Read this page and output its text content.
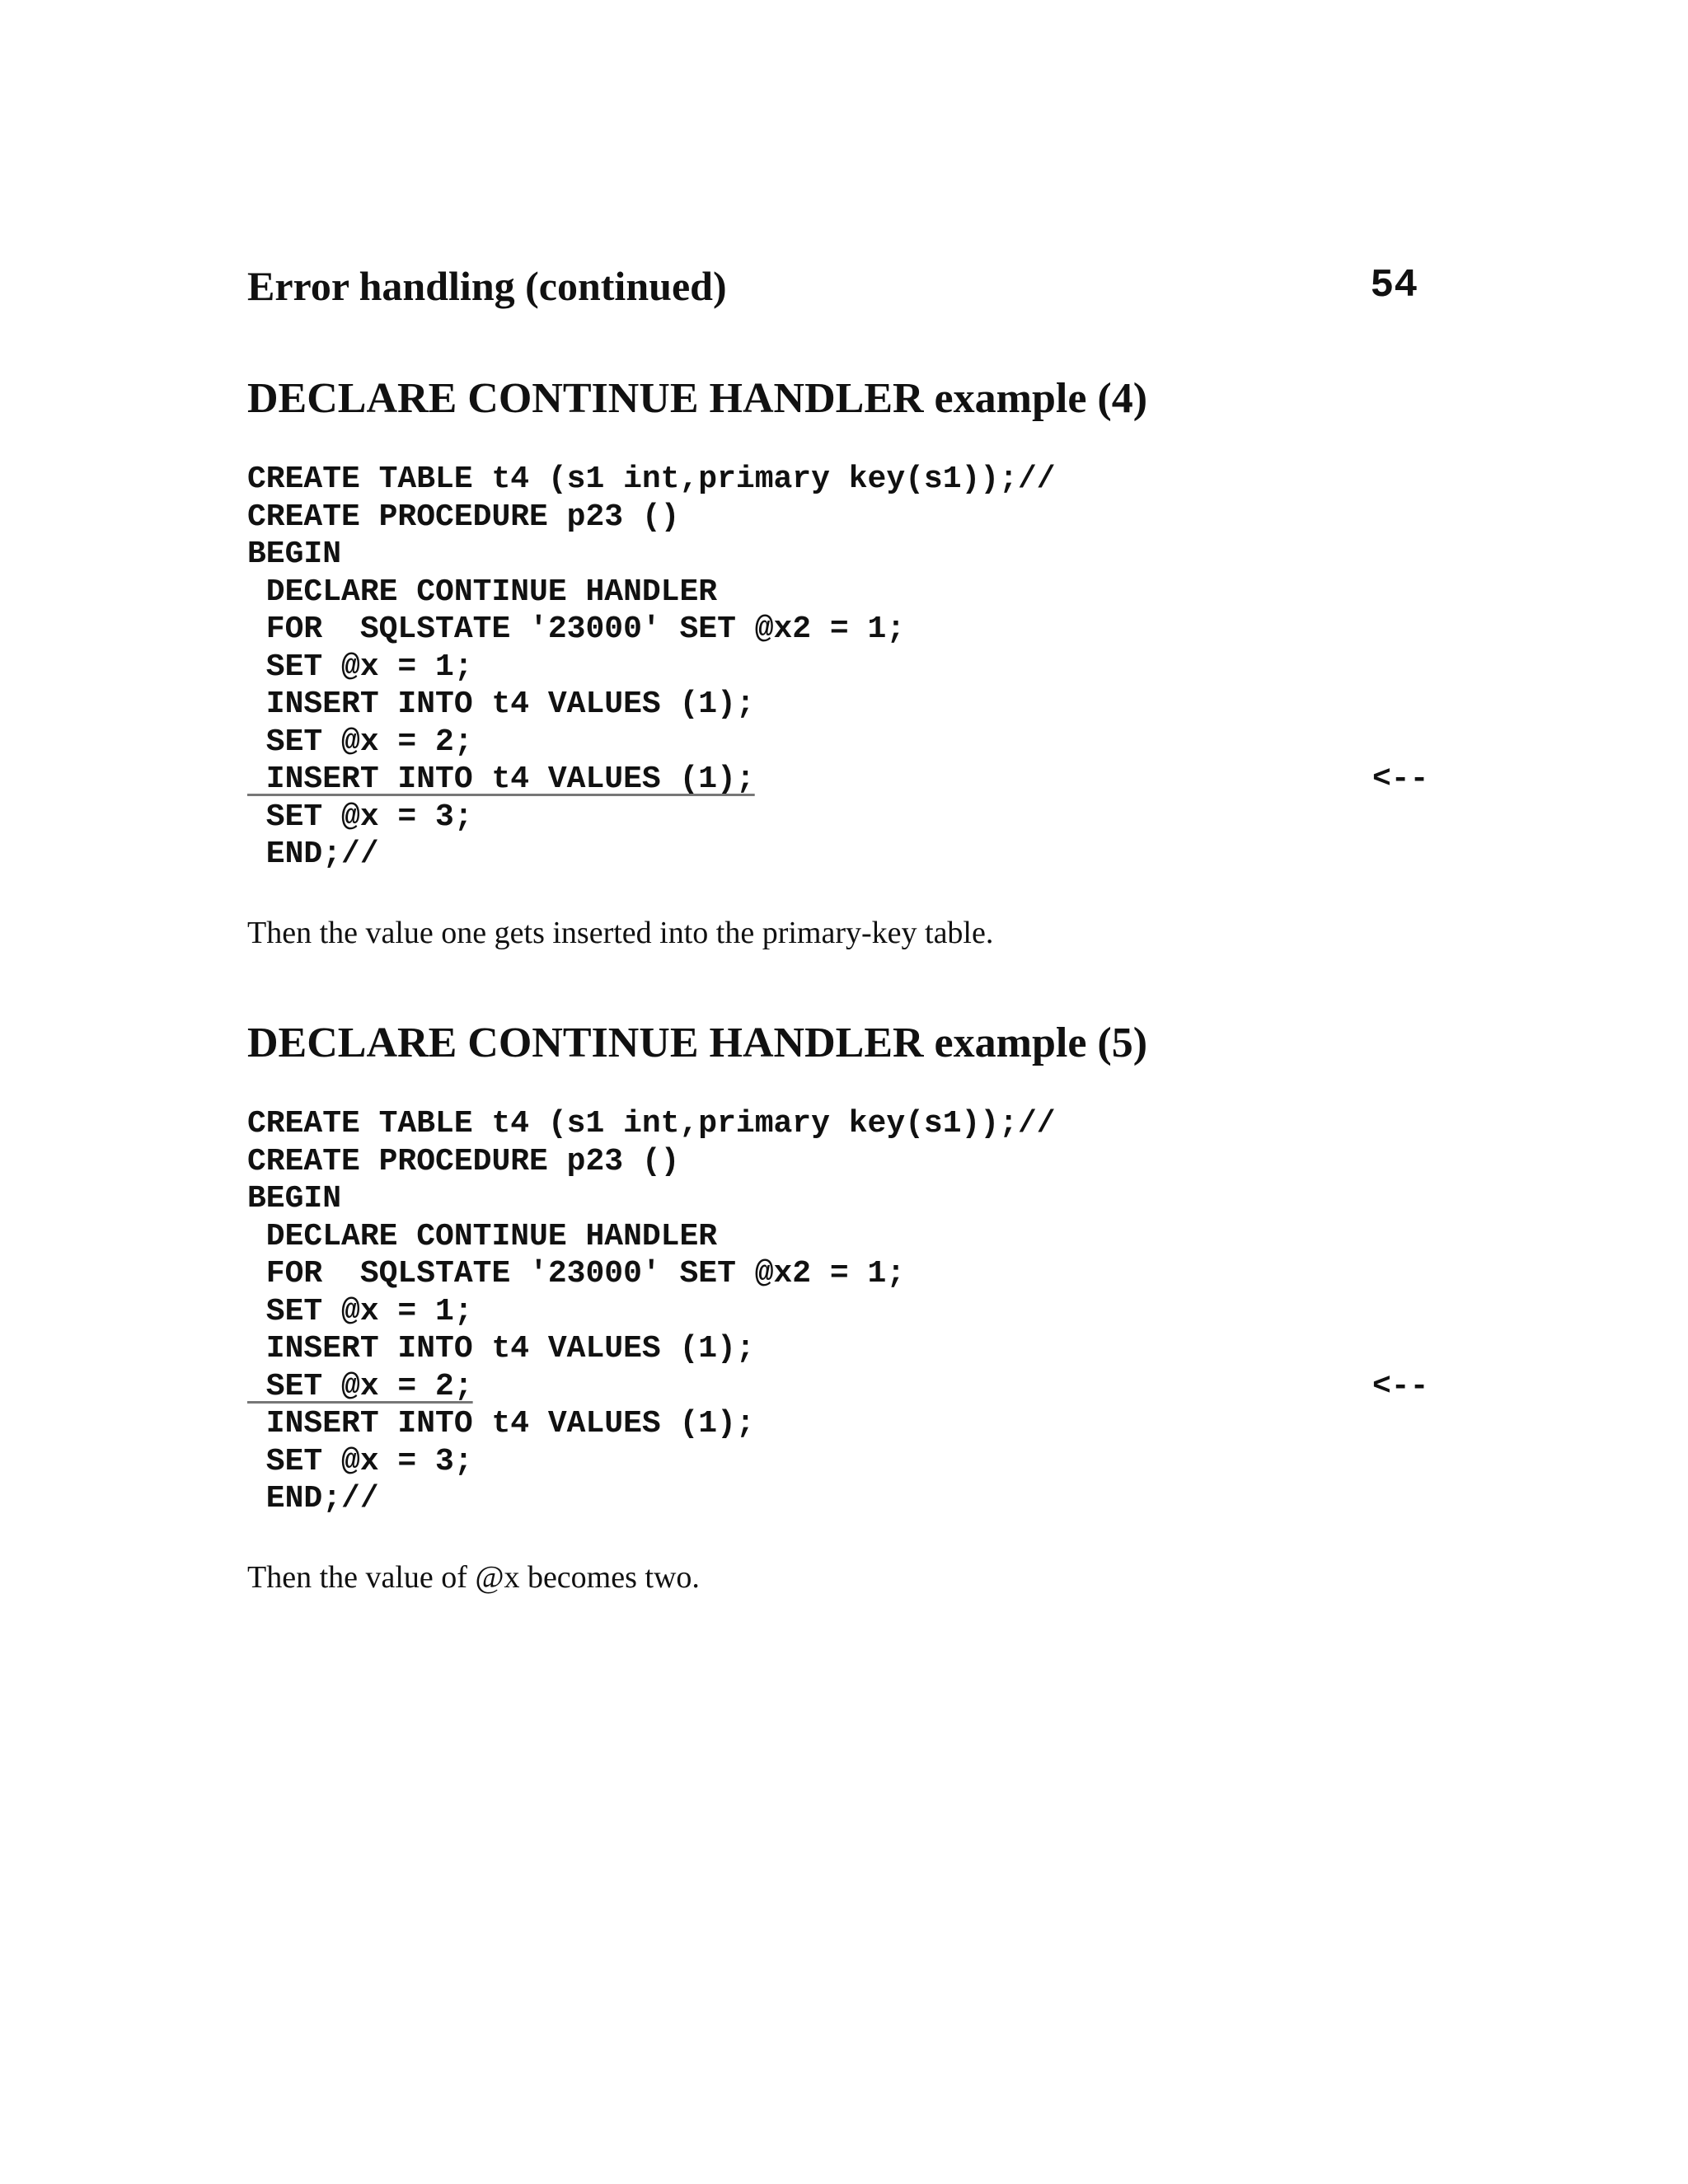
Error handling (continued)	54
DECLARE CONTINUE HANDLER example (4)
CREATE TABLE t4 (s1 int,primary key(s1));//
CREATE PROCEDURE p23 ()
BEGIN
DECLARE CONTINUE HANDLER
FOR  SQLSTATE '23000' SET @x2 = 1;
SET @x = 1;
INSERT INTO t4 VALUES (1);
SET @x = 2;
INSERT INTO t4 VALUES (1);	<--
SET @x = 3;
END;//
Then the value one gets inserted into the primary-key table.
DECLARE CONTINUE HANDLER example (5)
CREATE TABLE t4 (s1 int,primary key(s1));//
CREATE PROCEDURE p23 ()
BEGIN
DECLARE CONTINUE HANDLER
FOR  SQLSTATE '23000' SET @x2 = 1;
SET @x = 1;
INSERT INTO t4 VALUES (1);
SET @x = 2;	<--
INSERT INTO t4 VALUES (1);
SET @x = 3;
END;//
Then the value of @x becomes two.
